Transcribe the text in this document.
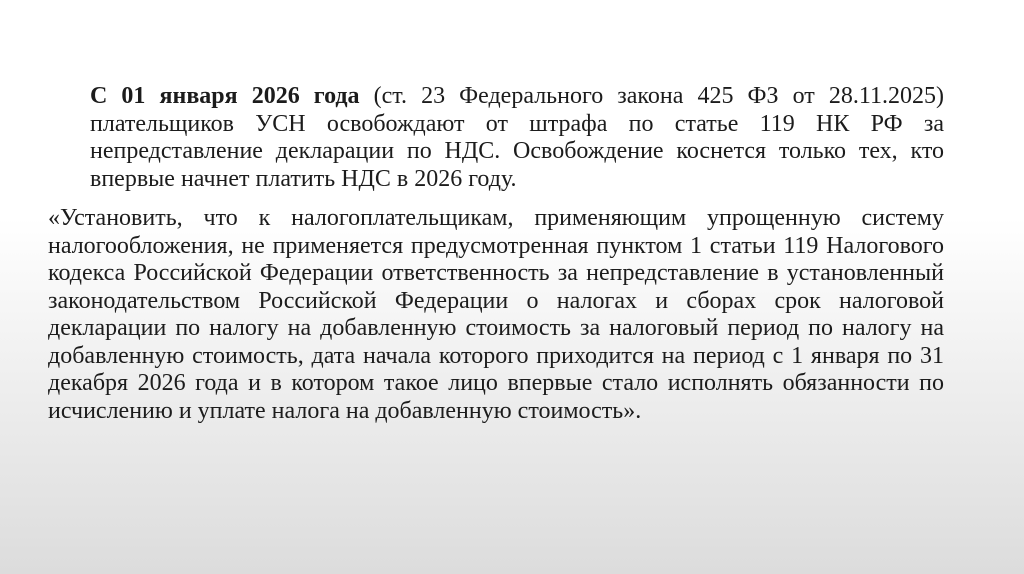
С 01 января 2026 года (ст. 23 Федерального закона 425 ФЗ от 28.11.2025) плательщиков УСН освобождают от штрафа по статье 119 НК РФ за непредставление декларации по НДС. Освобождение коснется только тех, кто впервые начнет платить НДС в 2026 году.

«Установить, что к налогоплательщикам, применяющим упрощенную систему налогообложения, не применяется предусмотренная пунктом 1 статьи 119 Налогового кодекса Российской Федерации ответственность за непредставление в установленный законодательством Российской Федерации о налогах и сборах срок налоговой декларации по налогу на добавленную стоимость за налоговый период по налогу на добавленную стоимость, дата начала которого приходится на период с 1 января по 31 декабря 2026 года и в котором такое лицо впервые стало исполнять обязанности по исчислению и уплате налога на добавленную стоимость».
